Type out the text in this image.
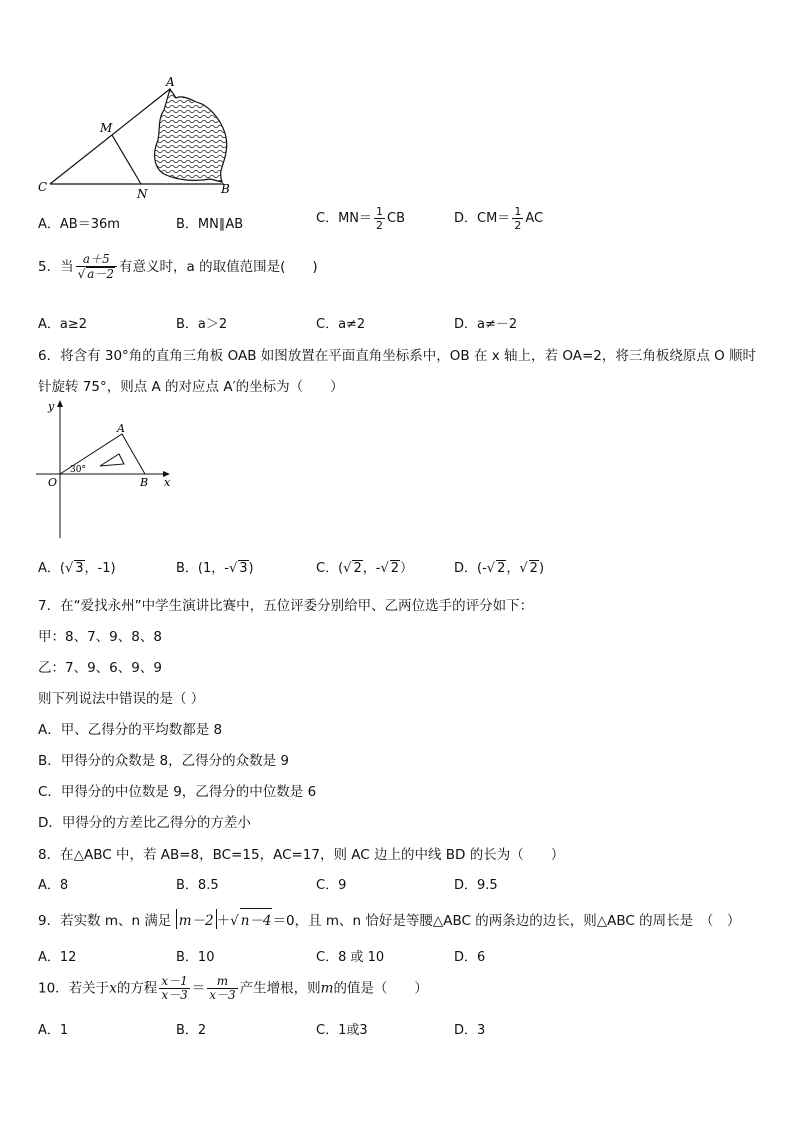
A
M
C	N	B
A．AB＝36m	B．MN∥AB	C．$MN= \frac{1}{2}$ CB	D．$CM= \frac{1}{2}$ AC
5．当 $\frac{a+5}{√ a-2}$ 有意义时，a 的取值范围是(　　)
A．a≥2	B．a＞2	C．a≠2	D．a≠－2
6．将含有 30°角的直角三角板 OAB 如图放置在平面直角坐标系中，OB 在 x 轴上，若 OA=2，将三角板绕原点 O 顺时
针旋转 75°，则点 A 的对应点 A′的坐标为（　　）
y
x
O
A
B
30°
A．(√ 3，-1)	B．(1，-√ 3)	C．(√ 2，-√ 2）	D．(-√ 2，√ 2)
7．在“爱找永州”中学生演讲比赛中，五位评委分别给甲、乙两位选手的评分如下：
甲：8、7、9、8、8
乙：7、9、6、9、9
则下列说法中错误的是（ ）
A．甲、乙得分的平均数都是 8
B．甲得分的众数是 8，乙得分的众数是 9
C．甲得分的中位数是 9，乙得分的中位数是 6
D．甲得分的方差比乙得分的方差小
8．在△ABC 中，若 AB=8，BC=15，AC=17，则 AC 边上的中线 BD 的长为（　　）
A．8	B．8.5	C．9	D．9.5
9．若实数 m、n 满足 m－2 ＋√ n－4＝0，且 m、n 恰好是等腰△ABC 的两条边的边长，则△ABC 的周长是　（　）
A．12	B．10	C．8 或 10	D．6
10．若关于x的方程 $\frac{x-1}{x-3} = \frac{m}{x-3}$ 产生增根，则m的值是（　　）
A．1	B．2	C．1或3	D．3
